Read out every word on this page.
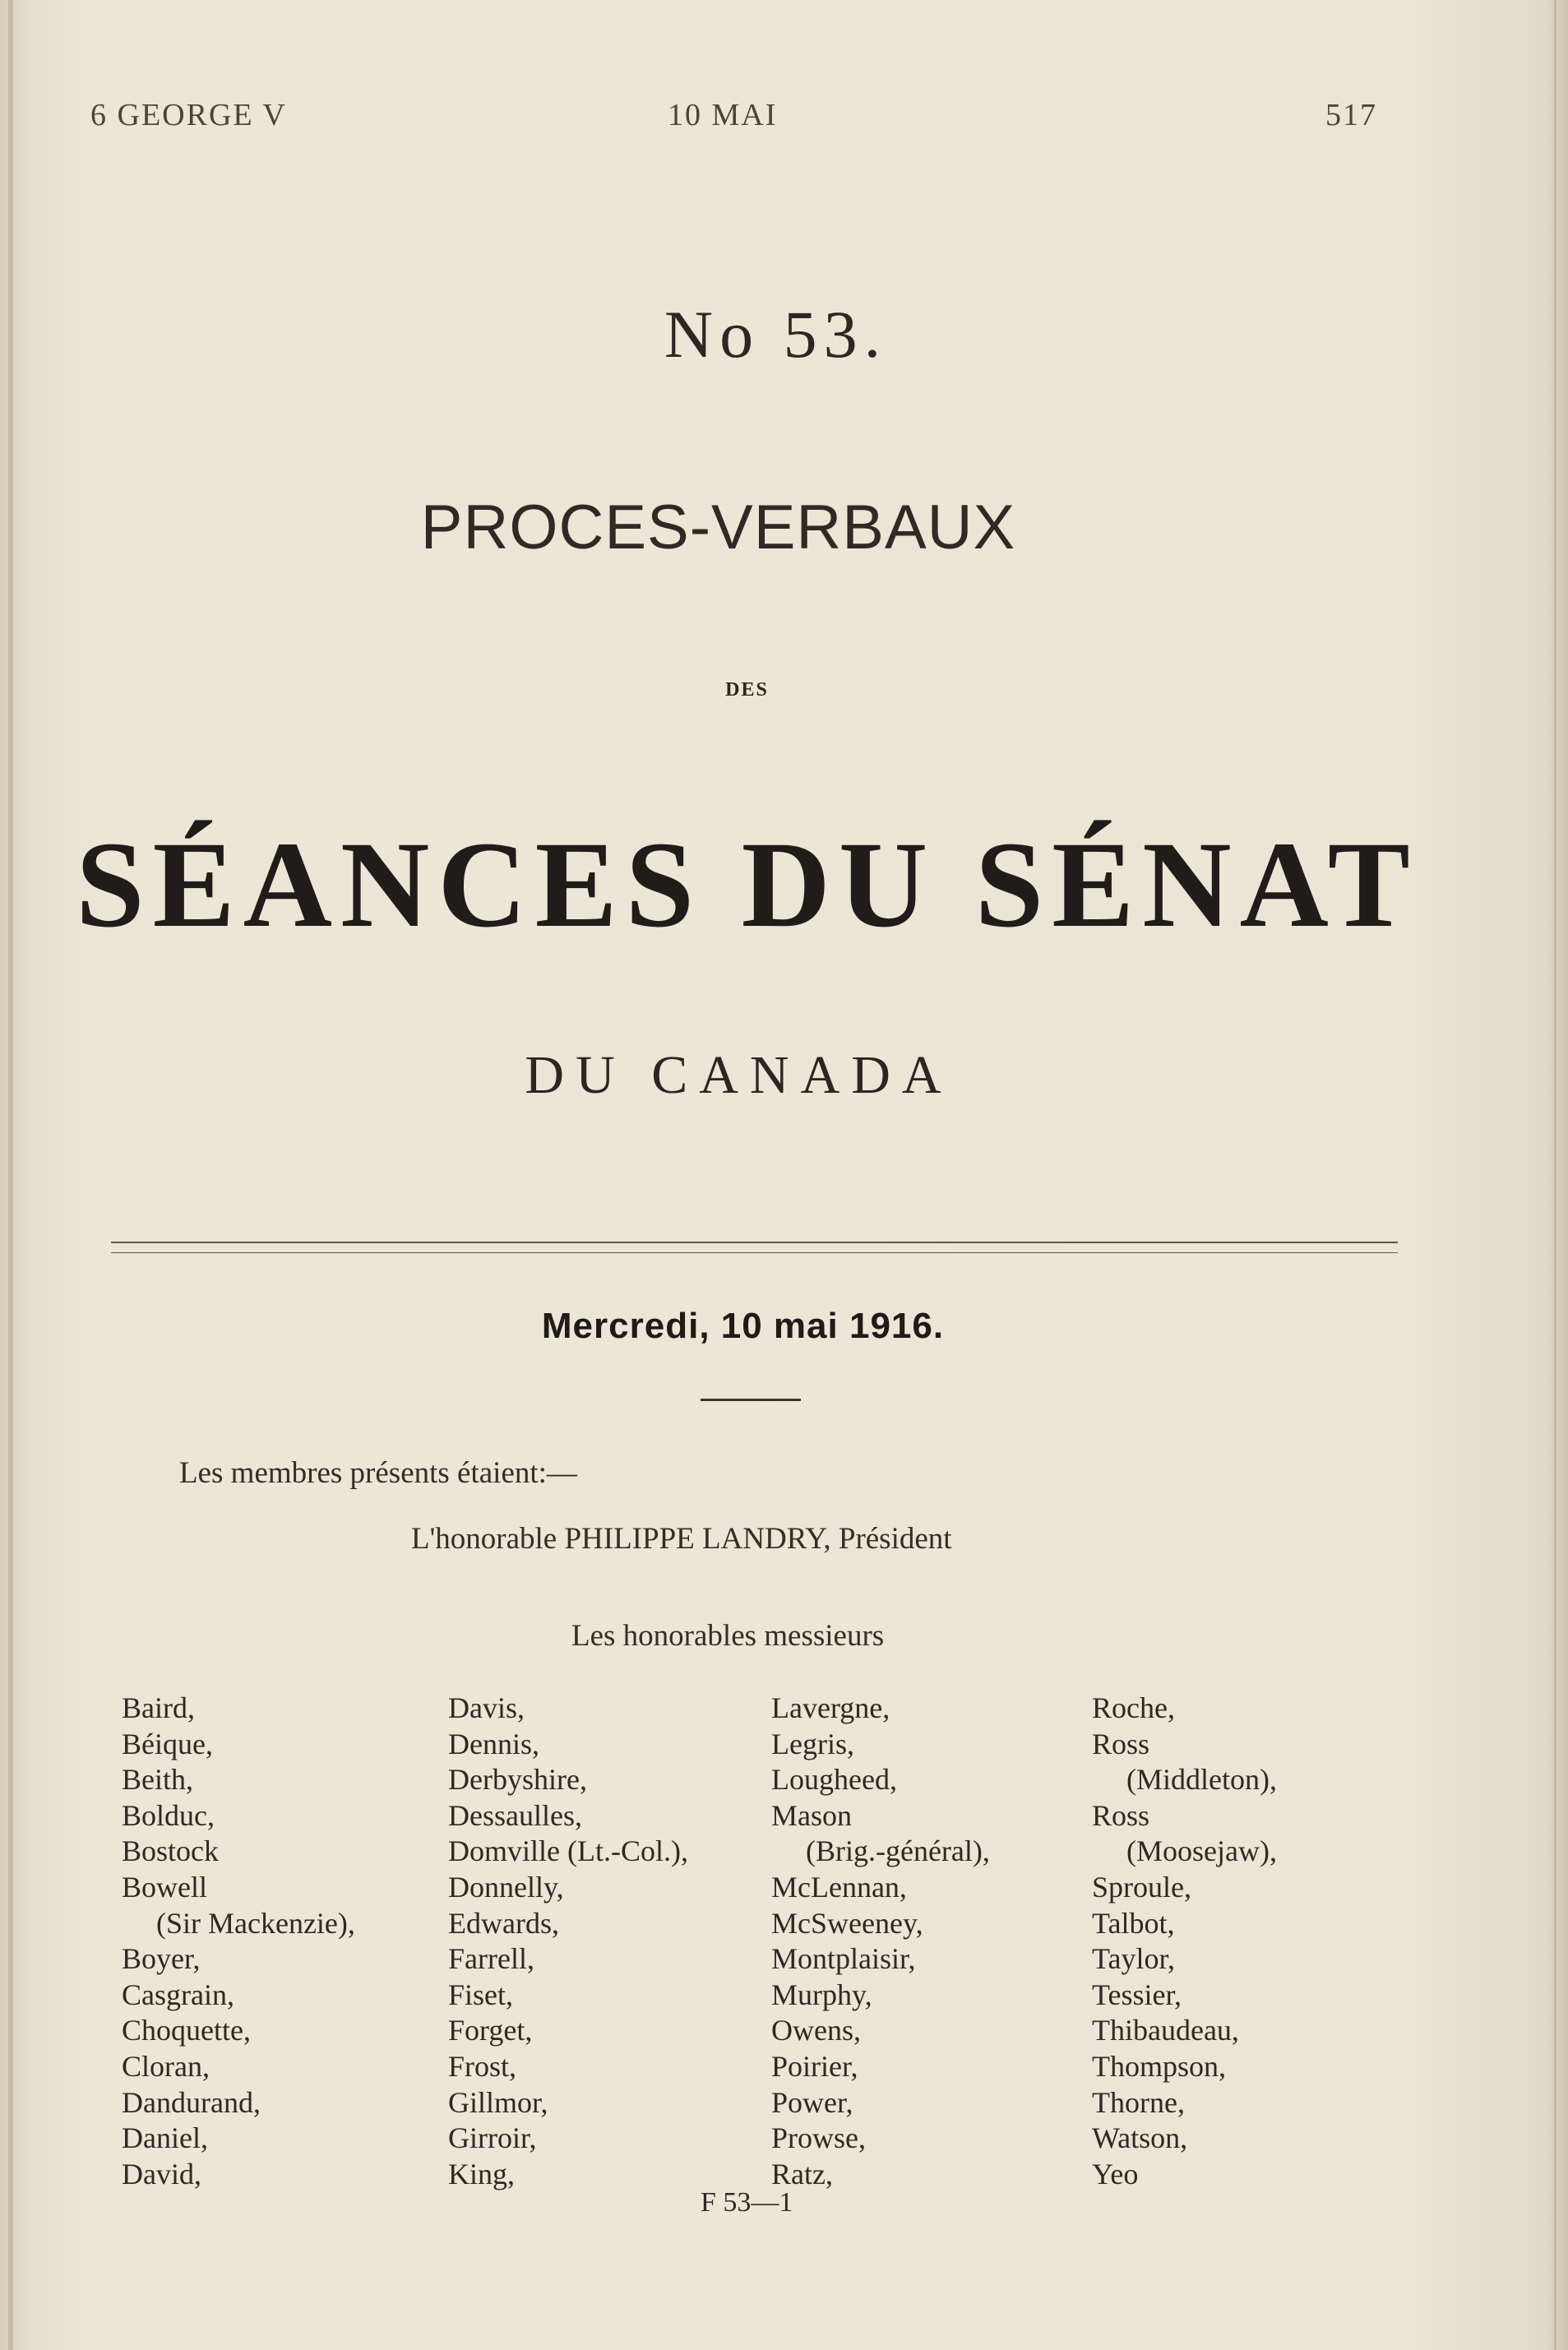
6 GEORGE V	10 MAI	517
No 53.
PROCES-VERBAUX
DES
SÉANCES DU SÉNAT
DU CANADA
Mercredi, 10 mai 1916.
Les membres présents étaient:—
L'honorable PHILIPPE LANDRY, Président
Les honorables messieurs
Baird,
Béique,
Beith,
Bolduc,
Bostock
Bowell
(Sir Mackenzie),
Boyer,
Casgrain,
Choquette,
Cloran,
Dandurand,
Daniel,
David,
Davis,
Dennis,
Derbyshire,
Dessaulles,
Domville (Lt.-Col.),
Donnelly,
Edwards,
Farrell,
Fiset,
Forget,
Frost,
Gillmor,
Girroir,
King,
Lavergne,
Legris,
Lougheed,
Mason
(Brig.-général),
McLennan,
McSweeney,
Montplaisir,
Murphy,
Owens,
Poirier,
Power,
Prowse,
Ratz,
Roche,
Ross
(Middleton),
Ross
(Moosejaw),
Sproule,
Talbot,
Taylor,
Tessier,
Thibaudeau,
Thompson,
Thorne,
Watson,
Yeo
F 53—1
